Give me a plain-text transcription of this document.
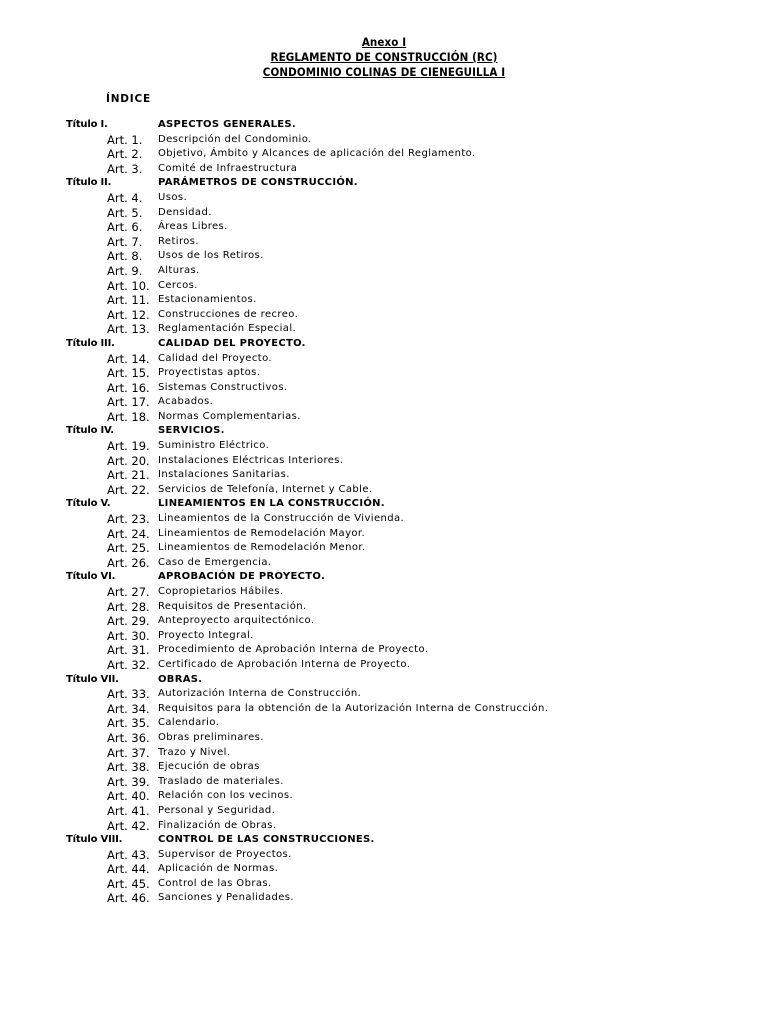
Anexo I
REGLAMENTO DE CONSTRUCCIÓN (RC)
CONDOMINIO COLINAS DE CIENEGUILLA I
ÍNDICE
Título I.	ASPECTOS GENERALES.
Art. 1. Descripción del Condominio.
Art. 2. Objetivo, Ámbito y Alcances de aplicación del Reglamento.
Art. 3. Comité de Infraestructura
Título II.	PARÁMETROS DE CONSTRUCCIÓN.
Art. 4. Usos.
Art. 5. Densidad.
Art. 6. Áreas Libres.
Art. 7. Retiros.
Art. 8. Usos de los Retiros.
Art. 9. Alturas.
Art. 10. Cercos.
Art. 11. Estacionamientos.
Art. 12. Construcciones de recreo.
Art. 13. Reglamentación Especial.
Título III.	CALIDAD DEL PROYECTO.
Art. 14. Calidad del Proyecto.
Art. 15. Proyectistas aptos.
Art. 16. Sistemas Constructivos.
Art. 17. Acabados.
Art. 18. Normas Complementarias.
Título IV.	SERVICIOS.
Art. 19. Suministro Eléctrico.
Art. 20. Instalaciones Eléctricas Interiores.
Art. 21. Instalaciones Sanitarias.
Art. 22. Servicios de Telefonía, Internet y Cable.
Título V.	LINEAMIENTOS EN LA CONSTRUCCIÓN.
Art. 23. Lineamientos de la Construcción de Vivienda.
Art. 24. Lineamientos de Remodelación Mayor.
Art. 25. Lineamientos de Remodelación Menor.
Art. 26. Caso de Emergencia.
Título VI.	APROBACIÓN DE PROYECTO.
Art. 27. Copropietarios Hábiles.
Art. 28. Requisitos de Presentación.
Art. 29. Anteproyecto arquitectónico.
Art. 30. Proyecto Integral.
Art. 31. Procedimiento de Aprobación Interna de Proyecto.
Art. 32. Certificado de Aprobación Interna de Proyecto.
Título VII.	OBRAS.
Art. 33. Autorización Interna de Construcción.
Art. 34. Requisitos para la obtención de la Autorización Interna de Construcción.
Art. 35. Calendario.
Art. 36. Obras preliminares.
Art. 37. Trazo y Nivel.
Art. 38. Ejecución de obras
Art. 39. Traslado de materiales.
Art. 40. Relación con los vecinos.
Art. 41. Personal y Seguridad.
Art. 42. Finalización de Obras.
Título VIII.	CONTROL DE LAS CONSTRUCCIONES.
Art. 43. Supervisor de Proyectos.
Art. 44. Aplicación de Normas.
Art. 45. Control de las Obras.
Art. 46. Sanciones y Penalidades.
